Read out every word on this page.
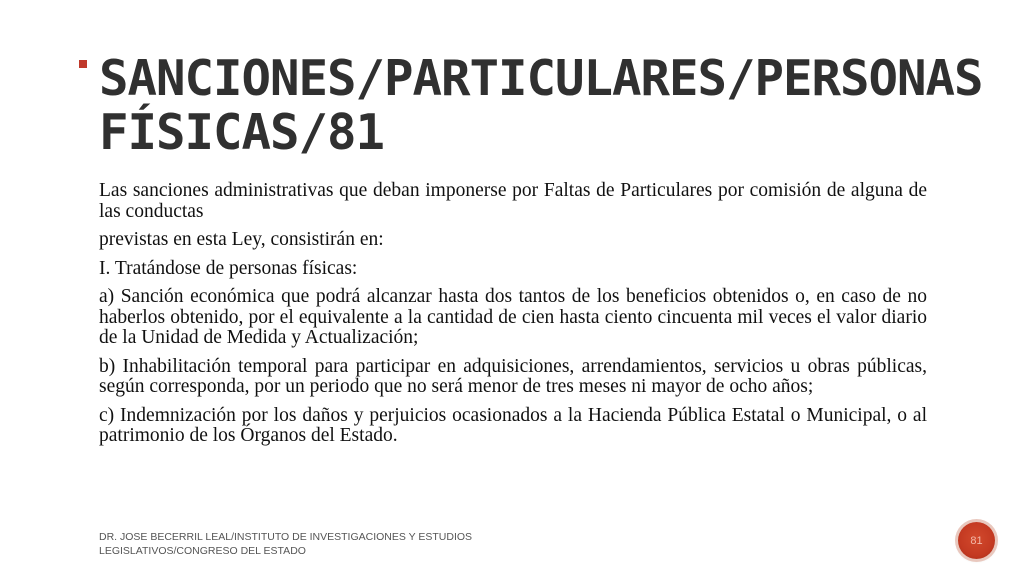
SANCIONES/PARTICULARES/PERSONAS FÍSICAS/81

Las sanciones administrativas que deban imponerse por Faltas de Particulares por comisión de alguna de las conductas

previstas en esta Ley, consistirán en:

I. Tratándose de personas físicas:

a) Sanción económica que podrá alcanzar hasta dos tantos de los beneficios obtenidos o, en caso de no haberlos obtenido, por el equivalente a la cantidad de cien hasta ciento cincuenta mil veces el valor diario de la Unidad de Medida y Actualización;

b) Inhabilitación temporal para participar en adquisiciones, arrendamientos, servicios u obras públicas, según corresponda, por un periodo que no será menor de tres meses ni mayor de ocho años;

c) Indemnización por los daños y perjuicios ocasionados a la Hacienda Pública Estatal o Municipal, o al patrimonio de los Órganos del Estado.

DR. JOSE BECERRIL LEAL/INSTITUTO DE INVESTIGACIONES Y ESTUDIOS LEGISLATIVOS/CONGRESO DEL ESTADO
81
